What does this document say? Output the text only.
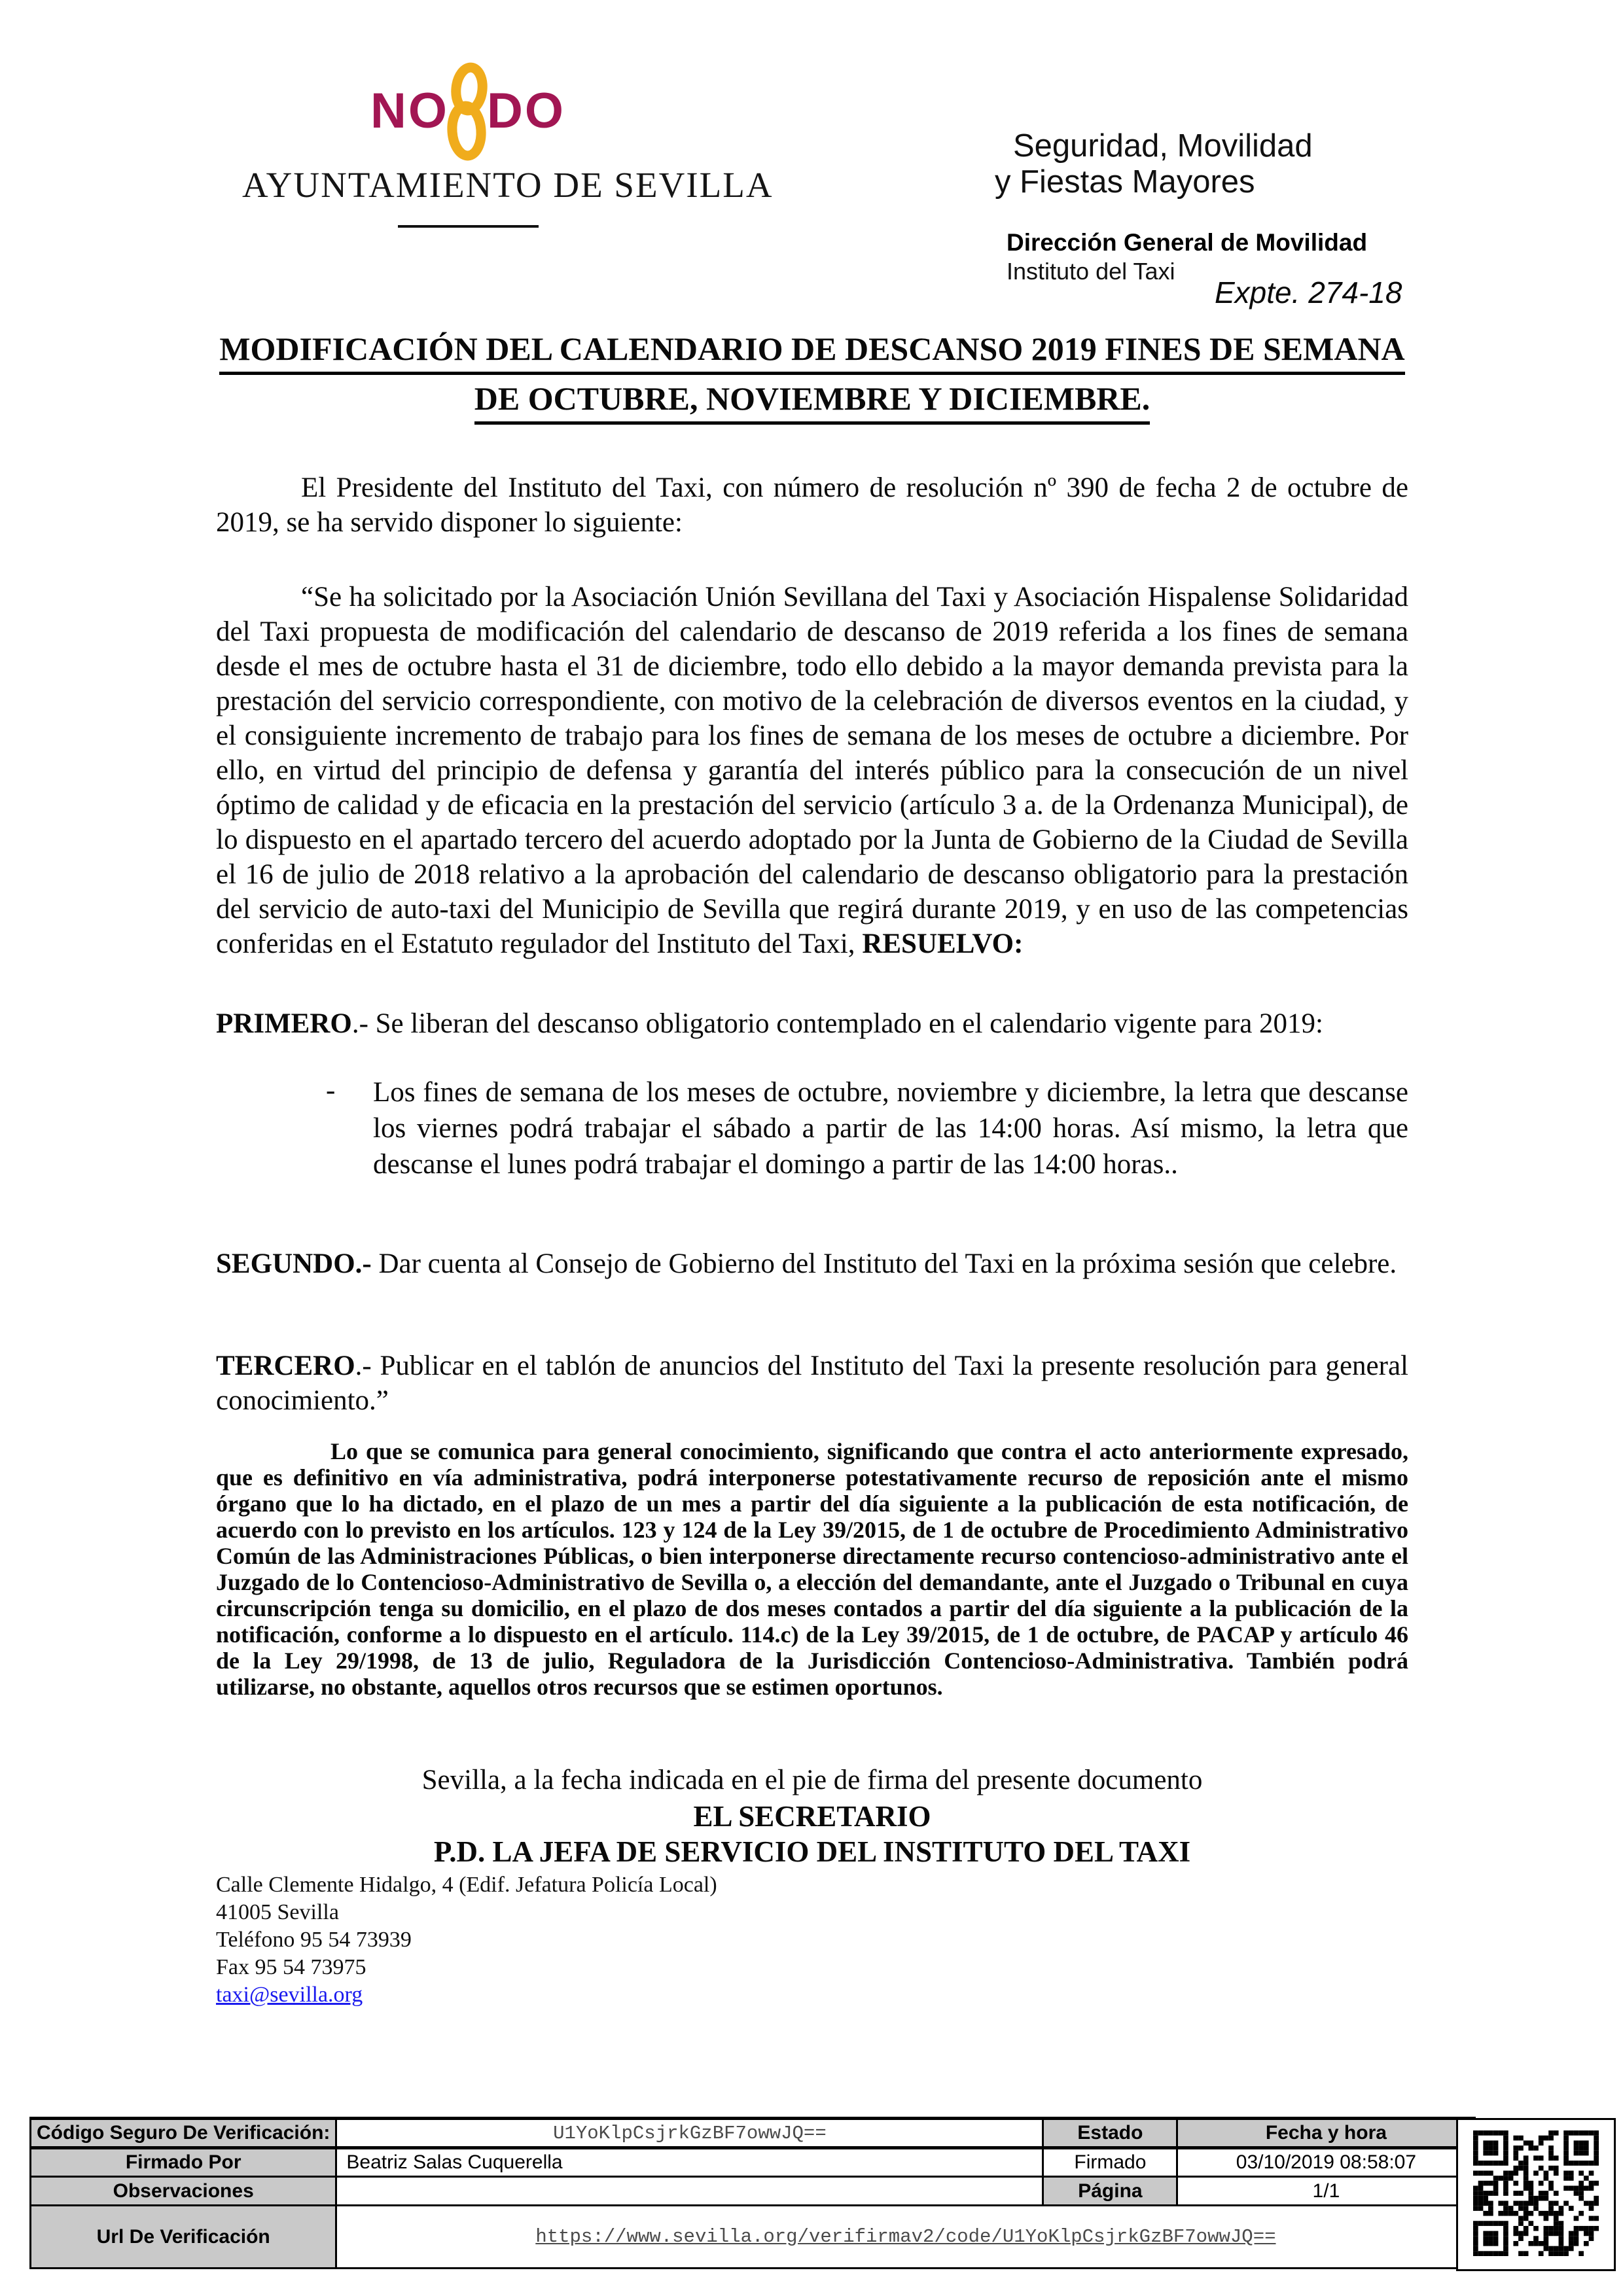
NO DO
AYUNTAMIENTO DE SEVILLA
Seguridad, Movilidad
y Fiestas Mayores
Dirección General de Movilidad
Instituto del Taxi
Expte. 274-18
MODIFICACIÓN DEL CALENDARIO DE DESCANSO 2019 FINES DE SEMANA
DE OCTUBRE, NOVIEMBRE Y DICIEMBRE.

El Presidente del Instituto del Taxi, con número de resolución nº 390 de fecha 2 de octubre de 2019, se ha servido disponer lo siguiente:

“Se ha solicitado por la Asociación Unión Sevillana del Taxi y Asociación Hispalense Solidaridad del Taxi propuesta de modificación del calendario de descanso de 2019 referida a los fines de semana desde el mes de octubre hasta el 31 de diciembre, todo ello debido a la mayor demanda prevista para la prestación del servicio correspondiente, con motivo de la celebración de diversos eventos en la ciudad, y el consiguiente incremento de trabajo para los fines de semana de los meses de octubre a diciembre. Por ello, en virtud del principio de defensa y garantía del interés público para la consecución de un nivel óptimo de calidad y de eficacia en la prestación del servicio (artículo 3 a. de la Ordenanza Municipal), de lo dispuesto en el apartado tercero del acuerdo adoptado por la Junta de Gobierno de la Ciudad de Sevilla el 16 de julio de 2018 relativo a la aprobación del calendario de descanso obligatorio para la prestación del servicio de auto-taxi del Municipio de Sevilla que regirá durante 2019, y en uso de las competencias conferidas en el Estatuto regulador del Instituto del Taxi, RESUELVO:

PRIMERO.- Se liberan del descanso obligatorio contemplado en el calendario vigente para 2019:

- Los fines de semana de los meses de octubre, noviembre y diciembre, la letra que descanse los viernes podrá trabajar el sábado a partir de las 14:00 horas. Así mismo, la letra que descanse el lunes podrá trabajar el domingo a partir de las 14:00 horas..

SEGUNDO.- Dar cuenta al Consejo de Gobierno del Instituto del Taxi en la próxima sesión que celebre.

TERCERO.- Publicar en el tablón de anuncios del Instituto del Taxi la presente resolución para general conocimiento.”

Lo que se comunica para general conocimiento, significando que contra el acto anteriormente expresado, que es definitivo en vía administrativa, podrá interponerse potestativamente recurso de reposición ante el mismo órgano que lo ha dictado, en el plazo de un mes a partir del día siguiente a la publicación de esta notificación, de acuerdo con lo previsto en los artículos. 123 y 124 de la Ley 39/2015, de 1 de octubre de Procedimiento Administrativo Común de las Administraciones Públicas, o bien interponerse directamente recurso contencioso-administrativo ante el Juzgado de lo Contencioso-Administrativo de Sevilla o, a elección del demandante, ante el Juzgado o Tribunal en cuya circunscripción tenga su domicilio, en el plazo de dos meses contados a partir del día siguiente a la publicación de la notificación, conforme a lo dispuesto en el artículo. 114.c) de la Ley 39/2015, de 1 de octubre, de PACAP y artículo 46 de la Ley 29/1998, de 13 de julio, Reguladora de la Jurisdicción Contencioso-Administrativa. También podrá utilizarse, no obstante, aquellos otros recursos que se estimen oportunos.

Sevilla, a la fecha indicada en el pie de firma del presente documento
EL SECRETARIO
P.D. LA JEFA DE SERVICIO DEL INSTITUTO DEL TAXI
Calle Clemente Hidalgo, 4 (Edif. Jefatura Policía Local)
41005 Sevilla
Teléfono 95 54 73939
Fax 95 54 73975
taxi@sevilla.org
Código Seguro De Verificación:	U1YoKlpCsjrkGzBF7owwJQ==	Estado	Fecha y hora
Firmado Por	Beatriz Salas Cuquerella	Firmado	03/10/2019 08:58:07
Observaciones		Página	1/1
Url De Verificación	https://www.sevilla.org/verifirmav2/code/U1YoKlpCsjrkGzBF7owwJQ==		
